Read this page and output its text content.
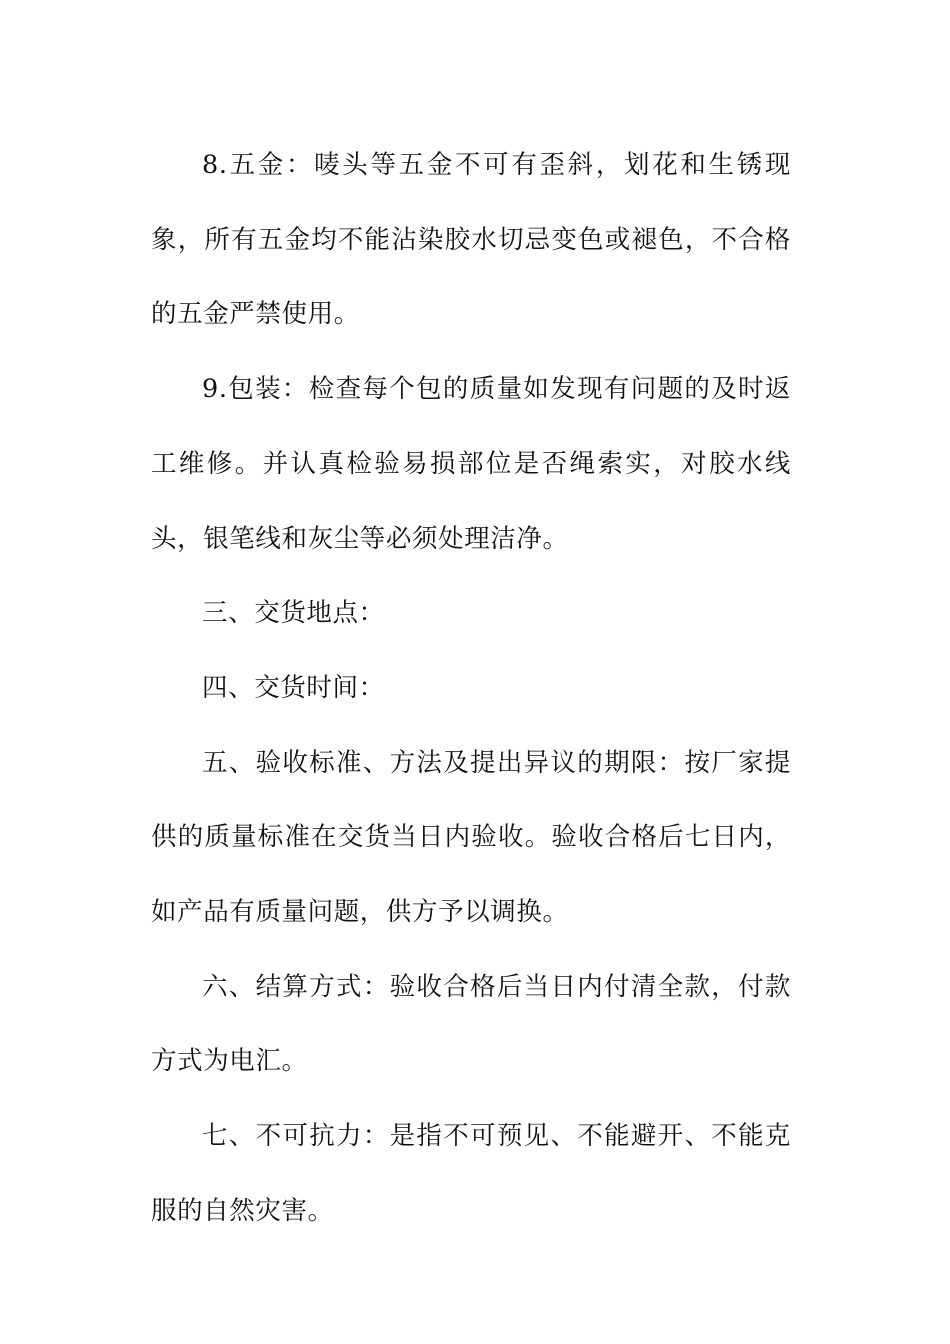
8.五金：唛头等五金不可有歪斜，划花和生锈现象，所有五金均不能沾染胶水切忌变色或褪色，不合格的五金严禁使用。

9.包装：检查每个包的质量如发现有问题的及时返工维修。并认真检验易损部位是否绳索实，对胶水线头，银笔线和灰尘等必须处理洁净。

三、交货地点：

四、交货时间：

五、验收标准、方法及提出异议的期限：按厂家提供的质量标准在交货当日内验收。验收合格后七日内，如产品有质量问题，供方予以调换。

六、结算方式：验收合格后当日内付清全款，付款方式为电汇。

七、不可抗力：是指不可预见、不能避开、不能克服的自然灾害。
